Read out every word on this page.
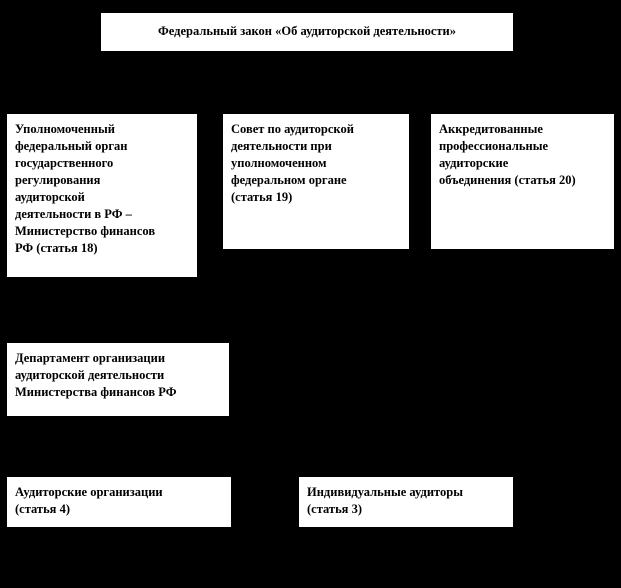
Федеральный закон «Об аудиторской деятельности»
Уполномоченный
федеральный орган
государственного
регулирования
аудиторской
деятельности в РФ –
Министерство финансов
РФ (статья 18)
Совет по аудиторской
деятельности при
уполномоченном
федеральном органе
(статья 19)
Аккредитованные
профессиональные
аудиторские
объединения (статья 20)
Департамент организации
аудиторской деятельности
Министерства финансов РФ
Аудиторские организации
(статья 4)
Индивидуальные аудиторы
(статья 3)
